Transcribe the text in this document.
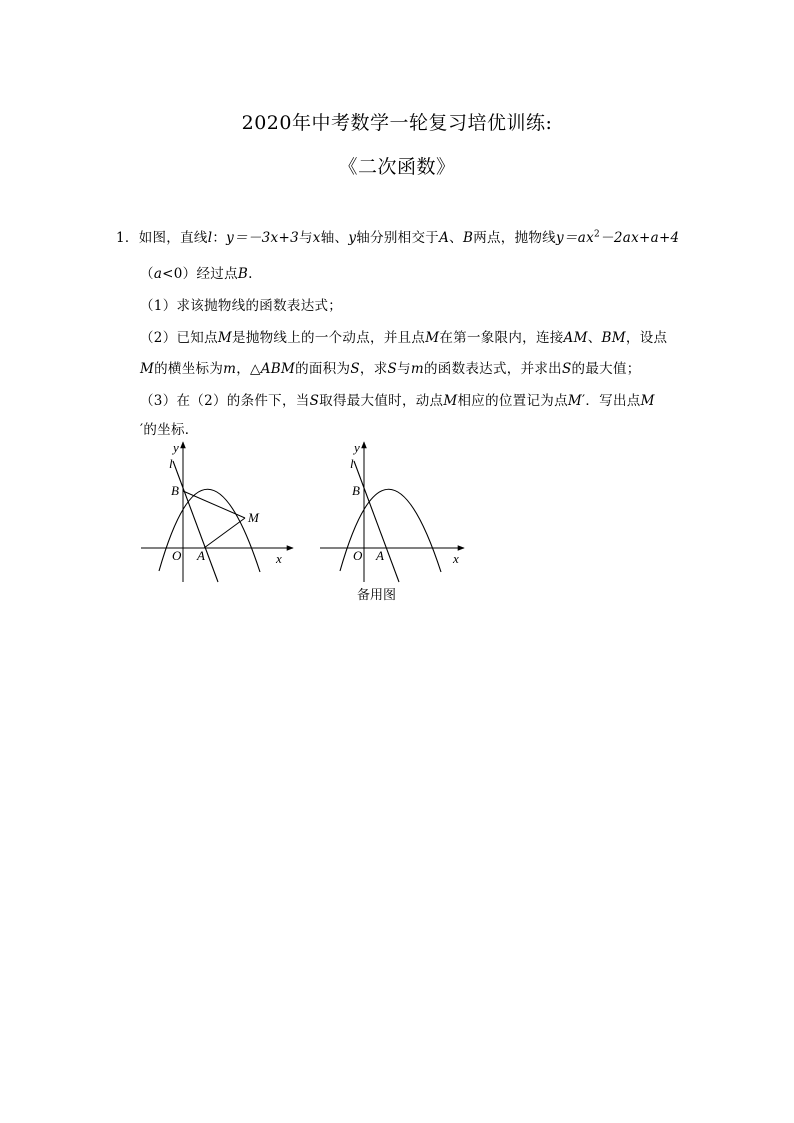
2020年中考数学一轮复习培优训练:
《二次函数》
1．如图，直线l：y＝－3x+3与x轴、y轴分别相交于A、B两点，抛物线$y=ax^2-2ax+a+4$
（a<0）经过点B.
（1）求该抛物线的函数表达式；
（2）已知点M是抛物线上的一个动点，并且点M在第一象限内，连接AM、BM，设点
M的横坐标为m，△ABM的面积为S，求S与m的函数表达式，并求出S的最大值；
（3）在（2）的条件下，当S取得最大值时，动点M相应的位置记为点M′．写出点M
′的坐标．
y
l
B
M
O A	x
y
l
B
O A	x
备用图
